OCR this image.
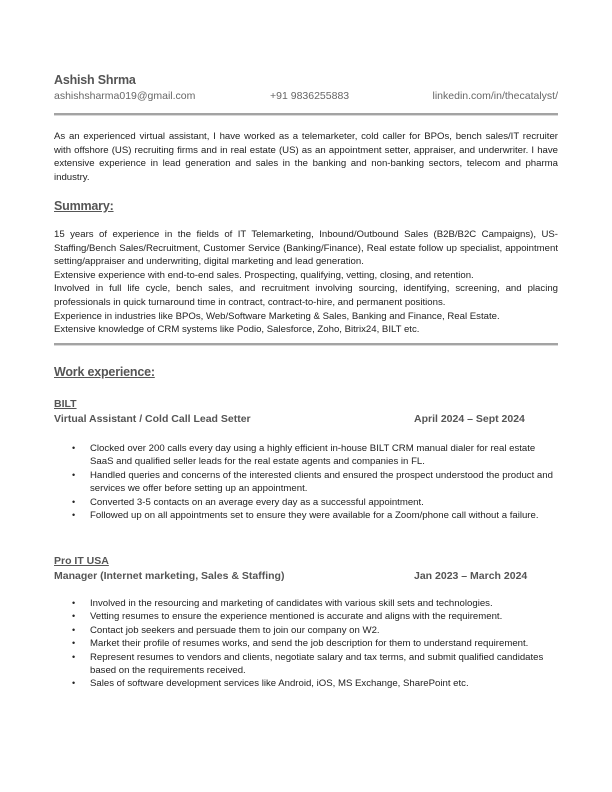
Ashish Shrma
ashishsharma019@gmail.com	+91 9836255883	linkedin.com/in/thecatalyst/
As an experienced virtual assistant, I have worked as a telemarketer, cold caller for BPOs, bench sales/IT recruiter with offshore (US) recruiting firms and in real estate (US) as an appointment setter, appraiser, and underwriter. I have extensive experience in lead generation and sales in the banking and non-banking sectors, telecom and pharma industry.
Summary:

15 years of experience in the fields of IT Telemarketing, Inbound/Outbound Sales (B2B/B2C Campaigns), US-Staffing/Bench Sales/Recruitment, Customer Service (Banking/Finance), Real estate follow up specialist, appointment setting/appraiser and underwriting, digital marketing and lead generation.

Extensive experience with end-to-end sales. Prospecting, qualifying, vetting, closing, and retention.

Involved in full life cycle, bench sales, and recruitment involving sourcing, identifying, screening, and placing professionals in quick turnaround time in contract, contract-to-hire, and permanent positions.

Experience in industries like BPOs, Web/Software Marketing & Sales, Banking and Finance, Real Estate.

Extensive knowledge of CRM systems like Podio, Salesforce, Zoho, Bitrix24, BILT etc.

Work experience:
BILT
Virtual Assistant / Cold Call Lead Setter	April 2024 – Sept 2024
• Clocked over 200 calls every day using a highly efficient in-house BILT CRM manual dialer for real estate SaaS and qualified seller leads for the real estate agents and companies in FL.
• Handled queries and concerns of the interested clients and ensured the prospect understood the product and services we offer before setting up an appointment.
• Converted 3-5 contacts on an average every day as a successful appointment.
• Followed up on all appointments set to ensure they were available for a Zoom/phone call without a failure.
Pro IT USA
Manager (Internet marketing, Sales & Staffing)	Jan 2023 – March 2024
• Involved in the resourcing and marketing of candidates with various skill sets and technologies.
• Vetting resumes to ensure the experience mentioned is accurate and aligns with the requirement.
• Contact job seekers and persuade them to join our company on W2.
• Market their profile of resumes works, and send the job description for them to understand requirement.
• Represent resumes to vendors and clients, negotiate salary and tax terms, and submit qualified candidates based on the requirements received.
• Sales of software development services like Android, iOS, MS Exchange, SharePoint etc.
